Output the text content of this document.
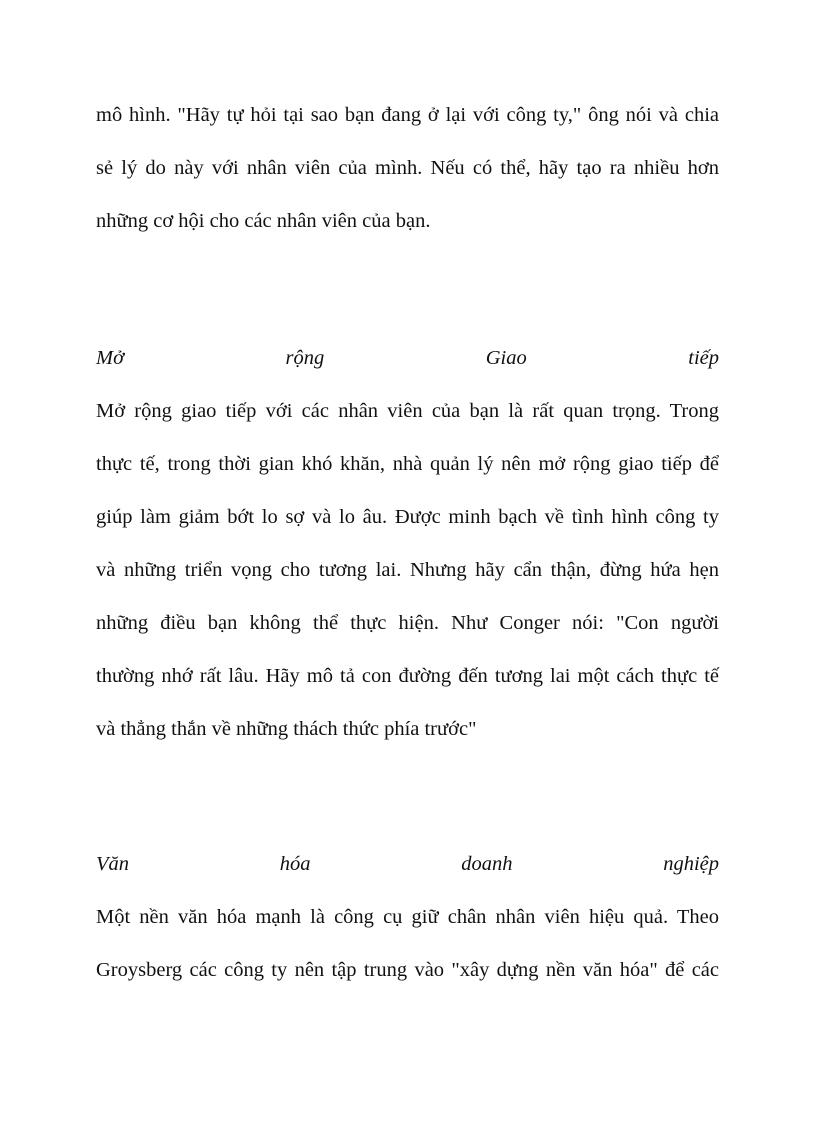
mô hình. "Hãy tự hỏi tại sao bạn đang ở lại với công ty," ông nói và chia
sẻ lý do này với nhân viên của mình. Nếu có thể, hãy tạo ra nhiều hơn
những cơ hội cho các nhân viên của bạn.
Mở rộng Giao tiếp
Mở rộng giao tiếp với các nhân viên của bạn là rất quan trọng. Trong
thực tế, trong thời gian khó khăn, nhà quản lý nên mở rộng giao tiếp để
giúp làm giảm bớt lo sợ và lo âu. Được minh bạch về tình hình công ty
và những triển vọng cho tương lai. Nhưng hãy cẩn thận, đừng hứa hẹn
những điều bạn không thể thực hiện. Như Conger nói: "Con người
thường nhớ rất lâu. Hãy mô tả con đường đến tương lai một cách thực tế
và thẳng thắn về những thách thức phía trước"
Văn hóa doanh nghiệp
Một nền văn hóa mạnh là công cụ giữ chân nhân viên hiệu quả. Theo
Groysberg các công ty nên tập trung vào "xây dựng nền văn hóa" để các
